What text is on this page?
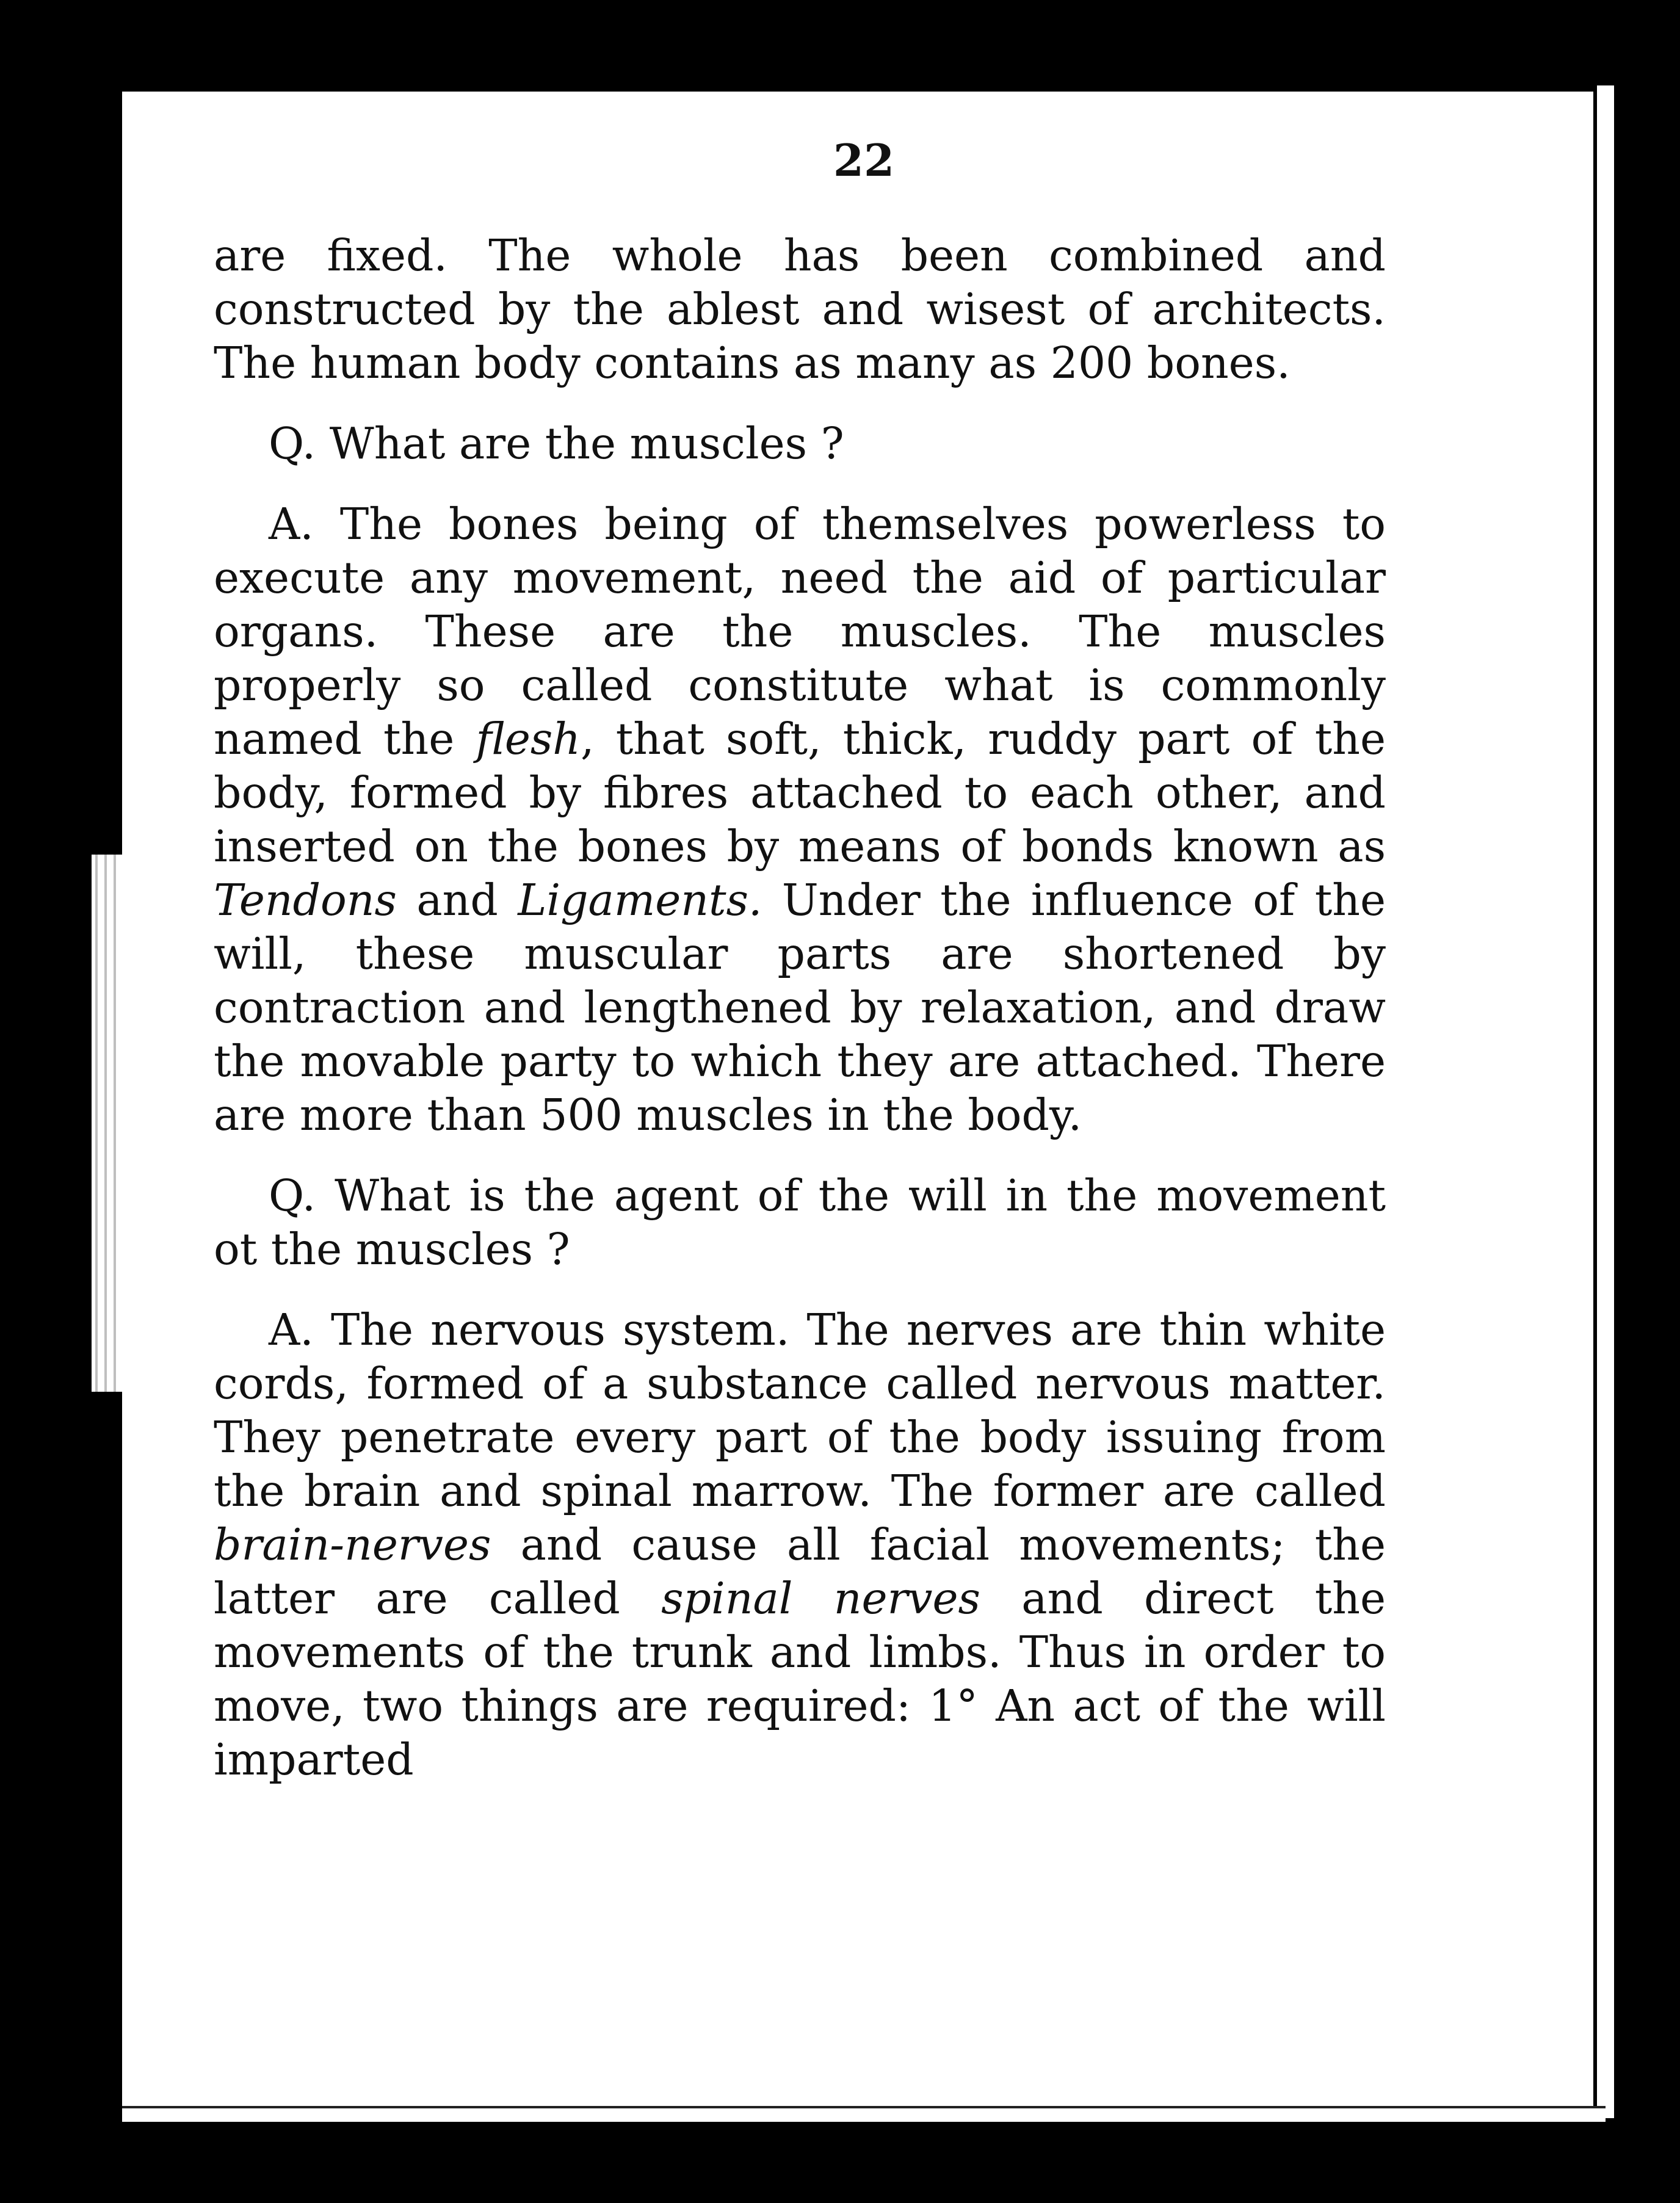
22

are fixed. The whole has been combined and constructed by the ablest and wisest of architects. The human body contains as many as 200 bones.

Q. What are the muscles ?

A. The bones being of themselves powerless to execute any movement, need the aid of particular organs. These are the muscles. The muscles properly so called constitute what is commonly named the flesh, that soft, thick, ruddy part of the body, formed by fibres attached to each other, and inserted on the bones by means of bonds known as Tendons and Ligaments. Under the influence of the will, these muscular parts are shortened by contraction and lengthened by relaxation, and draw the movable party to which they are attached. There are more than 500 muscles in the body.

Q. What is the agent of the will in the movement ot the muscles ?

A. The nervous system. The nerves are thin white cords, formed of a substance called nervous matter. They penetrate every part of the body issuing from the brain and spinal marrow. The former are called brain-nerves and cause all facial movements; the latter are called spinal nerves and direct the movements of the trunk and limbs. Thus in order to move, two things are required: 1° An act of the will imparted
